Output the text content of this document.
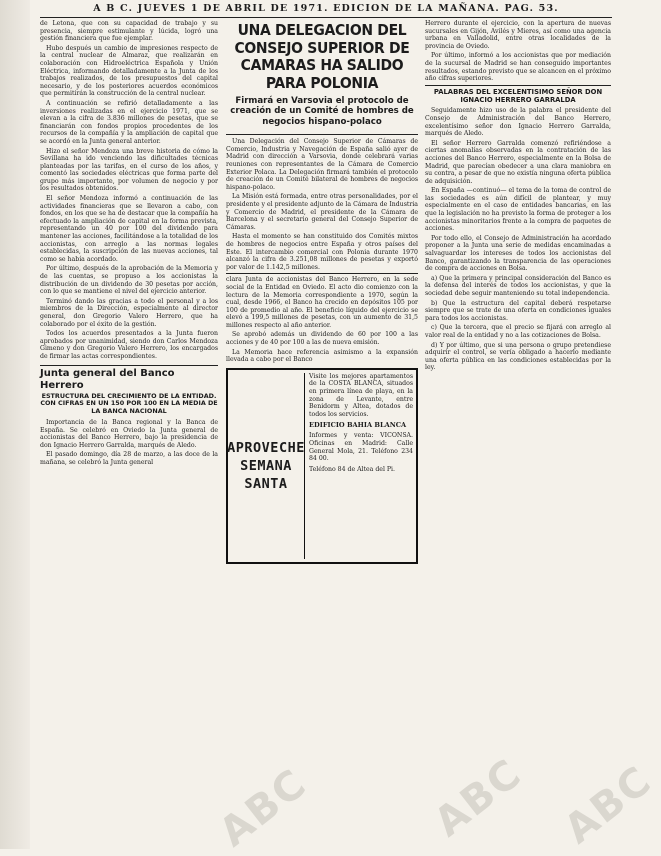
A B C. JUEVES 1 DE ABRIL DE 1971. EDICION DE LA MAÑANA. PAG. 53.

de Letona, que con su capacidad de trabajo y su presencia, siempre estimulante y lúcida, logró una gestión financiera que fue ejemplar.

Hubo después un cambio de impresiones respecto de la central nuclear de Almaraz, que realizarán en colaboración con Hidroeléctrica Española y Unión Eléctrica, informando detalladamente a la Junta de los trabajos realizados, de los presupuestos del capital necesario, y de los posteriores acuerdos económicos que permitirán la construcción de la central nuclear.

A continuación se refirió detalladamente a las inversiones realizadas en el ejercicio 1971, que se elevan a la cifra de 3.836 millones de pesetas, que se financiarán con fondos propios procedentes de los recursos de la compañía y la ampliación de capital que se acordó en la Junta general anterior.

Hizo el señor Mendoza una breve historia de cómo la Sevillana ha ido venciendo las dificultades técnicas planteadas por las tarifas, en el curso de los años, y comentó las sociedades eléctricas que forma parte del grupo más importante, por volumen de negocio y por los resultados obtenidos.

El señor Mendoza informó a continuación de las actividades financieras que se llevaron a cabo, con fondos, en los que se ha de destacar que la compañía ha efectuado la ampliación de capital en la forma prevista, representando un 40 por 100 del dividendo para mantener las acciones, facilitándose a la totalidad de los accionistas, con arreglo a las normas legales establecidas, la suscripción de las nuevas acciones, tal como se había acordado.

Por último, después de la aprobación de la Memoria y de las cuentas, se propuso a los accionistas la distribución de un dividendo de 30 pesetas por acción, con lo que se mantiene el nivel del ejercicio anterior.

Terminó dando las gracias a todo el personal y a los miembros de la Dirección, especialmente al director general, don Gregorio Valero Herrero, que ha colaborado por el éxito de la gestión.

Todos los acuerdos presentados a la Junta fueron aprobados por unanimidad, siendo don Carlos Mendoza Gimeno y don Gregorio Valero Herrero, los encargados de firmar las actas correspondientes.

Junta general del Banco Herrero
ESTRUCTURA DEL CRECIMIENTO DE LA ENTIDAD. CON CIFRAS EN UN 150 POR 100 EN LA MEDIA DE LA BANCA NACIONAL

Importancia de la Banca regional y la Banca de España. Se celebró en Oviedo la Junta general de accionistas del Banco Herrero, bajo la presidencia de don Ignacio Herrero Garralda, marqués de Aledo.

El pasado domingo, día 28 de marzo, a las doce de la mañana, se celebró la Junta general

UNA DELEGACION DEL CONSEJO SUPERIOR DE CAMARAS HA SALIDO PARA POLONIA
Firmará en Varsovia el protocolo de creación de un Comité de hombres de negocios hispano-polaco

Una Delegación del Consejo Superior de Cámaras de Comercio, Industria y Navegación de España salió ayer de Madrid con dirección a Varsovia, donde celebrará varias reuniones con representantes de la Cámara de Comercio Exterior Polaca. La Delegación firmará también el protocolo de creación de un Comité bilateral de hombres de negocios hispano-polaco.

La Misión está formada, entre otras personalidades, por el presidente y el presidente adjunto de la Cámara de Industria y Comercio de Madrid, el presidente de la Cámara de Barcelona y el secretario general del Consejo Superior de Cámaras.

Hasta el momento se han constituido dos Comités mixtos de hombres de negocios entre España y otros países del Este. El intercambio comercial con Polonia durante 1970 alcanzó la cifra de 3.251,08 millones de pesetas y exportó por valor de 1.142,5 millones.

clara Junta de accionistas del Banco Herrero, en la sede social de la Entidad en Oviedo. El acto dio comienzo con la lectura de la Memoria correspondiente a 1970, según la cual, desde 1966, el Banco ha crecido en depósitos 105 por 100 de promedio al año. El beneficio líquido del ejercicio se elevó a 199,5 millones de pesetas, con un aumento de 31,5 millones respecto al año anterior.

Se aprobó además un dividendo de 60 por 100 a las acciones y de 40 por 100 a las de nueva emisión.

La Memoria hace referencia asimismo a la expansión llevada a cabo por el Banco

APROVECHE
SEMANA
SANTA

Visite los mejores apartamentos de la COSTA BLANCA, situados en primera línea de playa, en la zona de Levante, entre Benidorm y Altea, dotados de todos los servicios.

EDIFICIO BAHIA BLANCA

Informes y venta: VICONSA. Oficinas en Madrid: Calle General Mola, 21. Teléfono 234 84 00.

Teléfono 84 de Altea del Pi.

Herrero durante el ejercicio, con la apertura de nuevas sucursales en Gijón, Avilés y Mieres, así como una agencia urbana en Valladolid, entre otras localidades de la provincia de Oviedo.

Por último, informó a los accionistas que por mediación de la sucursal de Madrid se han conseguido importantes resultados, estando previsto que se alcancen en el próximo año cifras superiores.

PALABRAS DEL EXCELENTISIMO SEÑOR DON IGNACIO HERRERO GARRALDA

Seguidamente hizo uso de la palabra el presidente del Consejo de Administración del Banco Herrero, excelentísimo señor don Ignacio Herrero Garralda, marqués de Aledo.

El señor Herrero Garralda comenzó refiriéndose a ciertas anomalías observadas en la contratación de las acciones del Banco Herrero, especialmente en la Bolsa de Madrid, que parecían obedecer a una clara maniobra en su contra, a pesar de que no existía ninguna oferta pública de adquisición.

En España —continuó— el tema de la toma de control de las sociedades es aún difícil de plantear, y muy especialmente en el caso de entidades bancarias, en las que la legislación no ha previsto la forma de proteger a los accionistas minoritarios frente a la compra de paquetes de acciones.

Por todo ello, el Consejo de Administración ha acordado proponer a la Junta una serie de medidas encaminadas a salvaguardar los intereses de todos los accionistas del Banco, garantizando la transparencia de las operaciones de compra de acciones en Bolsa.

a) Que la primera y principal consideración del Banco es la defensa del interés de todos los accionistas, y que la sociedad debe seguir manteniendo su total independencia.

b) Que la estructura del capital deberá respetarse siempre que se trate de una oferta en condiciones iguales para todos los accionistas.

c) Que la tercera, que el precio se fijará con arreglo al valor real de la entidad y no a las cotizaciones de Bolsa.

d) Y por último, que si una persona o grupo pretendiese adquirir el control, se vería obligado a hacerlo mediante una oferta pública en las condiciones establecidas por la ley.

ABC	ABC ABC
